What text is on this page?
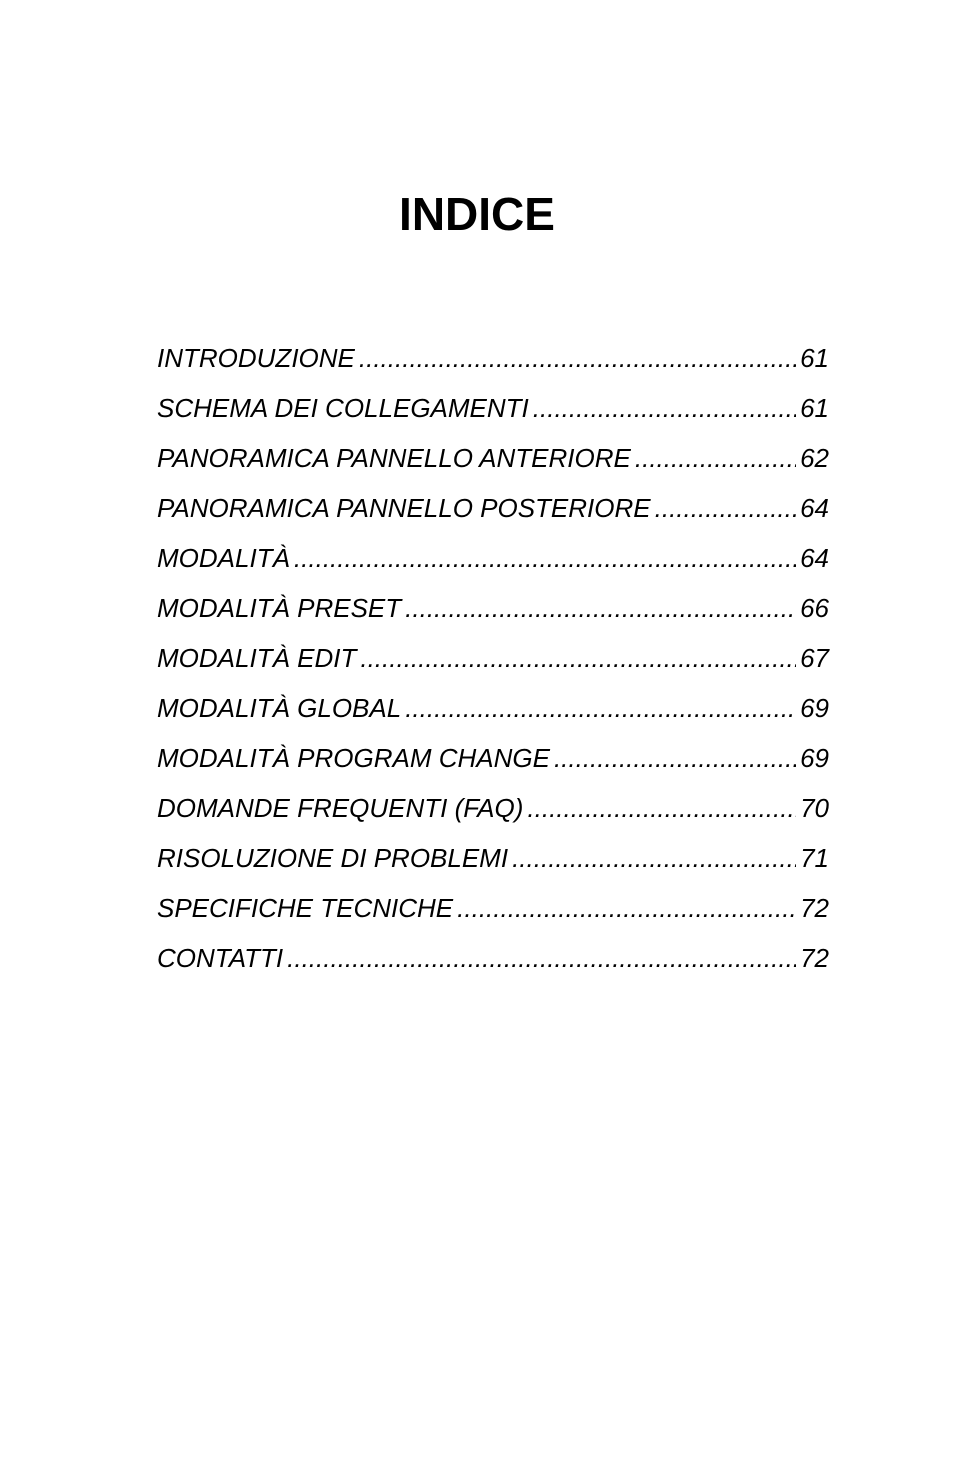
INDICE
INTRODUZIONE .....	61
SCHEMA DEI COLLEGAMENTI .....	61
PANORAMICA PANNELLO ANTERIORE .....	62
PANORAMICA PANNELLO POSTERIORE .....	64
MODALITÀ .....	64
MODALITÀ PRESET .....	66
MODALITÀ EDIT .....	67
MODALITÀ GLOBAL .....	69
MODALITÀ PROGRAM CHANGE .....	69
DOMANDE FREQUENTI (FAQ) .....	70
RISOLUZIONE DI PROBLEMI .....	71
SPECIFICHE TECNICHE .....	72
CONTATTI .....	72
